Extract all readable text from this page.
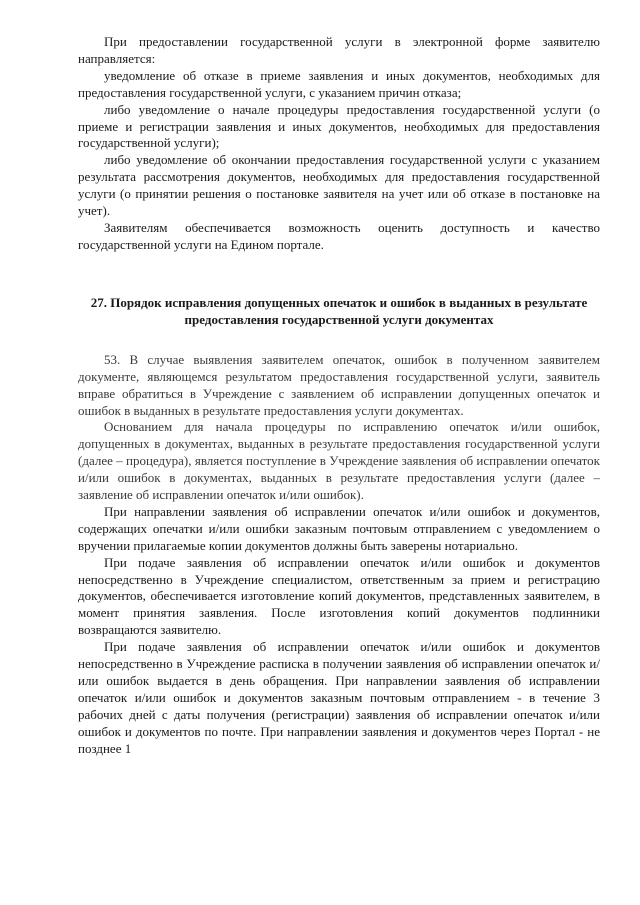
При предоставлении государственной услуги в электронной форме заявителю направляется:

уведомление об отказе в приеме заявления и иных документов, необходимых для предоставления государственной услуги, с указанием причин отказа;

либо уведомление о начале процедуры предоставления государственной услуги (о приеме и регистрации заявления и иных документов, необходимых для предоставления государственной услуги);

либо уведомление об окончании предоставления государственной услуги с указанием результата рассмотрения документов, необходимых для предоставления государственной услуги (о принятии решения о постановке заявителя на учет или об отказе в постановке на учет).

Заявителям обеспечивается возможность оценить доступность и качество государственной услуги на Едином портале.

27. Порядок исправления допущенных опечаток и ошибок в выданных в результате предоставления государственной услуги документах

53. В случае выявления заявителем опечаток, ошибок в полученном заявителем документе, являющемся результатом предоставления государственной услуги, заявитель вправе обратиться в Учреждение с заявлением об исправлении допущенных опечаток и ошибок в выданных в результате предоставления услуги документах.

Основанием для начала процедуры по исправлению опечаток и/или ошибок, допущенных в документах, выданных в результате предоставления государственной услуги (далее – процедура), является поступление в Учреждение заявления об исправлении опечаток и/или ошибок в документах, выданных в результате предоставления услуги (далее – заявление об исправлении опечаток и/или ошибок).

При направлении заявления об исправлении опечаток и/или ошибок и документов, содержащих опечатки и/или ошибки заказным почтовым отправлением с уведомлением о вручении прилагаемые копии документов должны быть заверены нотариально.

При подаче заявления об исправлении опечаток и/или ошибок и документов непосредственно в Учреждение специалистом, ответственным за прием и регистрацию документов, обеспечивается изготовление копий документов, представленных заявителем, в момент принятия заявления. После изготовления копий документов подлинники возвращаются заявителю.

При подаче заявления об исправлении опечаток и/или ошибок и документов непосредственно в Учреждение расписка в получении заявления об исправлении опечаток и/или ошибок выдается в день обращения. При направлении заявления об исправлении опечаток и/или ошибок и документов заказным почтовым отправлением - в течение 3 рабочих дней с даты получения (регистрации) заявления об исправлении опечаток и/или ошибок и документов по почте. При направлении заявления и документов через Портал - не позднее 1
